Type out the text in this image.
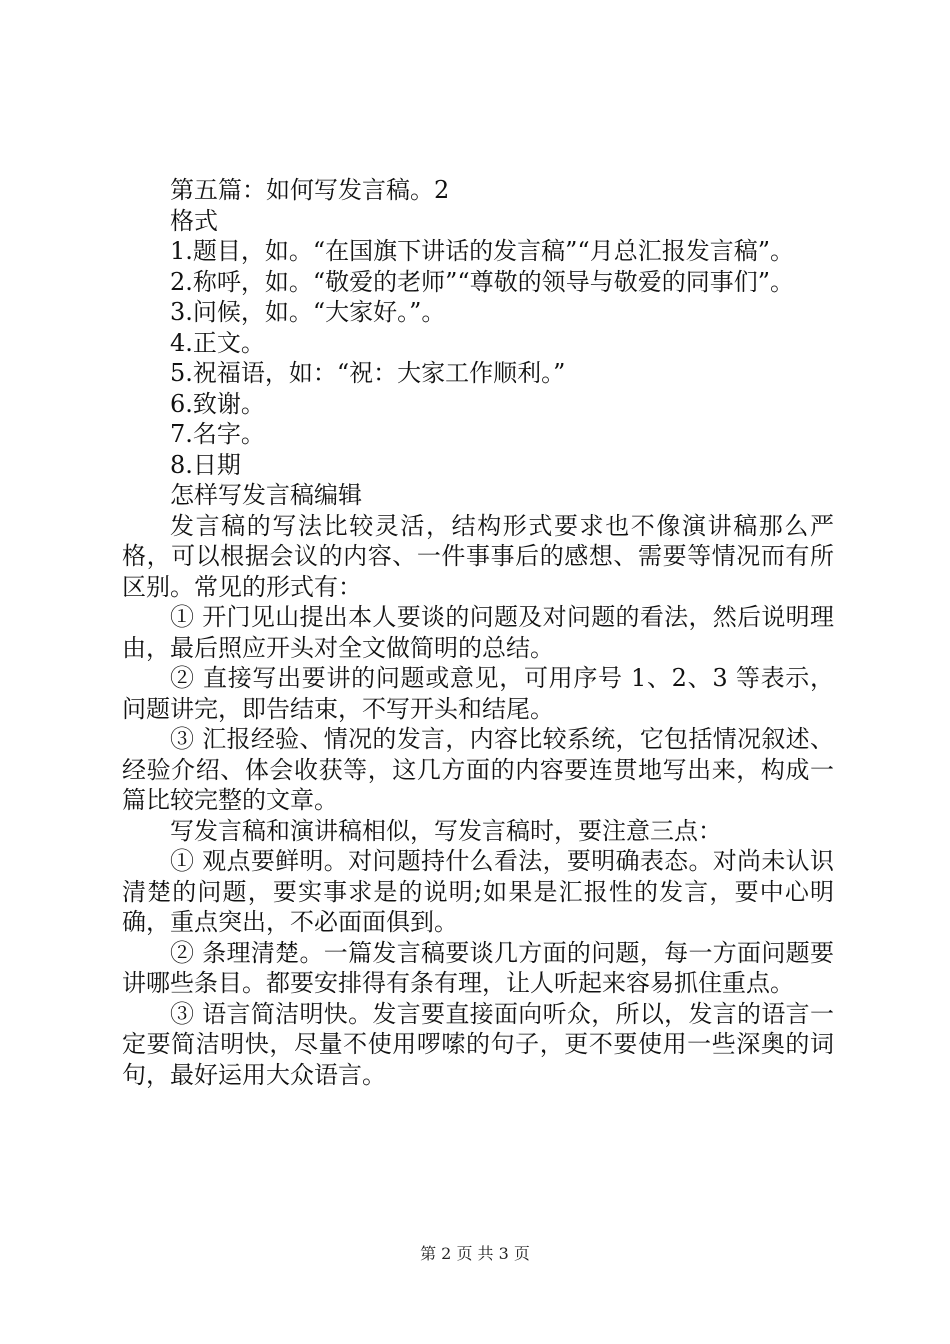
第五篇：如何写发言稿。2

格式

1.题目，如。“在国旗下讲话的发言稿”“月总汇报发言稿”。

2.称呼，如。“敬爱的老师”“尊敬的领导与敬爱的同事们”。

3.问候，如。“大家好。”。

4.正文。

5.祝福语，如：“祝：大家工作顺利。”

6.致谢。

7.名字。

8.日期

怎样写发言稿编辑

发言稿的写法比较灵活，结构形式要求也不像演讲稿那么严格，可以根据会议的内容、一件事事后的感想、需要等情况而有所区别。常见的形式有：

① 开门见山提出本人要谈的问题及对问题的看法，然后说明理由，最后照应开头对全文做简明的总结。

② 直接写出要讲的问题或意见，可用序号 1、2、3 等表示，问题讲完，即告结束，不写开头和结尾。

③ 汇报经验、情况的发言，内容比较系统，它包括情况叙述、经验介绍、体会收获等，这几方面的内容要连贯地写出来，构成一篇比较完整的文章。

写发言稿和演讲稿相似，写发言稿时，要注意三点：

① 观点要鲜明。对问题持什么看法，要明确表态。对尚未认识清楚的问题，要实事求是的说明;如果是汇报性的发言，要中心明确，重点突出，不必面面俱到。

② 条理清楚。一篇发言稿要谈几方面的问题，每一方面问题要讲哪些条目。都要安排得有条有理，让人听起来容易抓住重点。

③ 语言简洁明快。发言要直接面向听众，所以，发言的语言一定要简洁明快，尽量不使用啰嗦的句子，更不要使用一些深奥的词句，最好运用大众语言。

第 2 页 共 3 页
